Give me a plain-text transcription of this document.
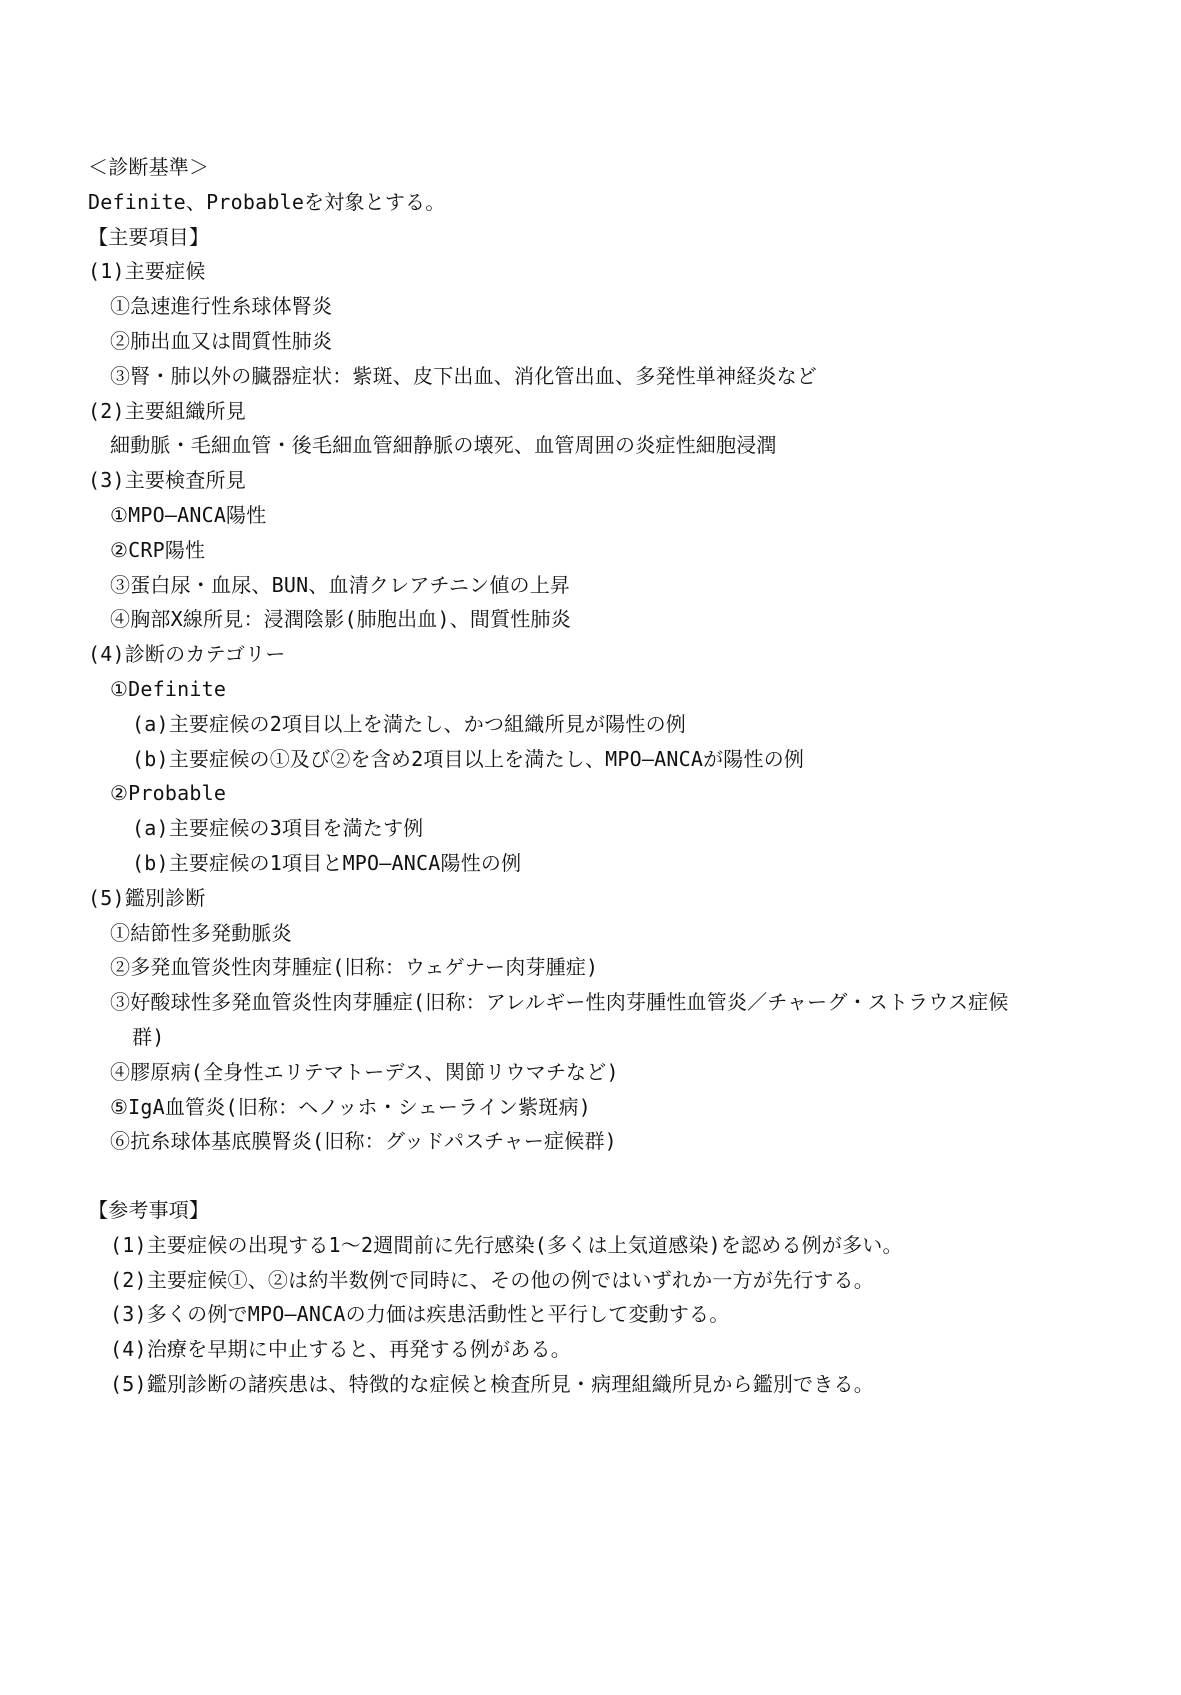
＜診断基準＞
Definite、Probableを対象とする。
【主要項目】
(1)主要症候
①急速進行性糸球体腎炎
②肺出血又は間質性肺炎
③腎・肺以外の臓器症状：紫斑、皮下出血、消化管出血、多発性単神経炎など
(2)主要組織所見
細動脈・毛細血管・後毛細血管細静脈の壊死、血管周囲の炎症性細胞浸潤
(3)主要検査所見
①MPO―ANCA陽性
②CRP陽性
③蛋白尿・血尿、BUN、血清クレアチニン値の上昇
④胸部X線所見：浸潤陰影(肺胞出血)、間質性肺炎
(4)診断のカテゴリー
①Definite
(a)主要症候の2項目以上を満たし、かつ組織所見が陽性の例
(b)主要症候の①及び②を含め2項目以上を満たし、MPO―ANCAが陽性の例
②Probable
(a)主要症候の3項目を満たす例
(b)主要症候の1項目とMPO―ANCA陽性の例
(5)鑑別診断
①結節性多発動脈炎
②多発血管炎性肉芽腫症(旧称：ウェゲナー肉芽腫症)
③好酸球性多発血管炎性肉芽腫症(旧称：アレルギー性肉芽腫性血管炎／チャーグ・ストラウス症候
群)
④膠原病(全身性エリテマトーデス、関節リウマチなど)
⑤IgA血管炎(旧称：ヘノッホ・シェーライン紫斑病)
⑥抗糸球体基底膜腎炎(旧称：グッドパスチャー症候群)
【参考事項】
(1)主要症候の出現する1～2週間前に先行感染(多くは上気道感染)を認める例が多い。
(2)主要症候①、②は約半数例で同時に、その他の例ではいずれか一方が先行する。
(3)多くの例でMPO―ANCAの力価は疾患活動性と平行して変動する。
(4)治療を早期に中止すると、再発する例がある。
(5)鑑別診断の諸疾患は、特徴的な症候と検査所見・病理組織所見から鑑別できる。
